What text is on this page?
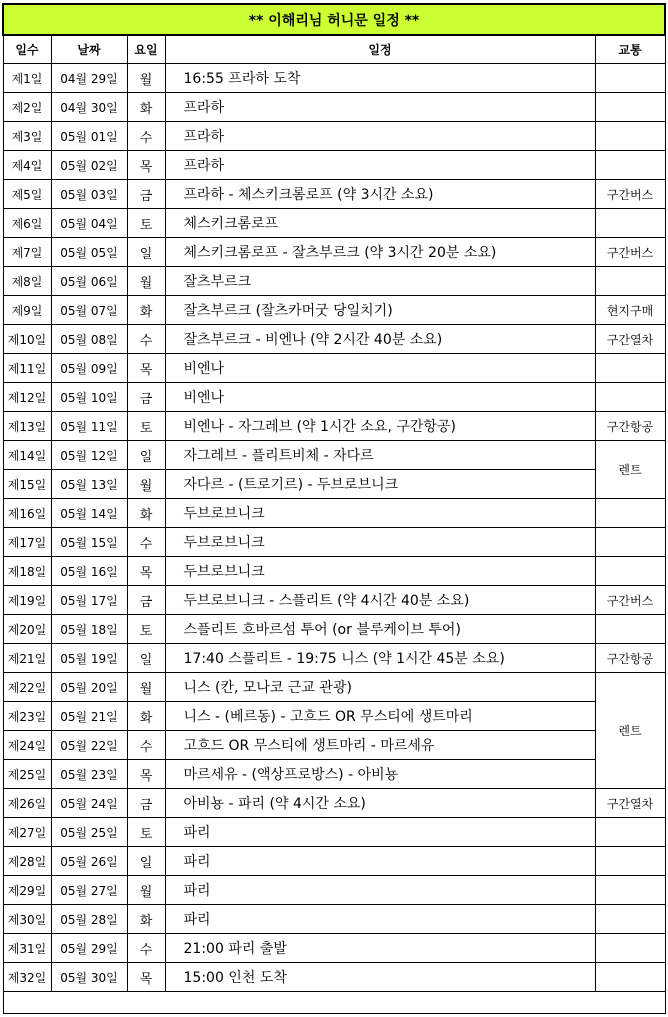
** 이해리님 허니문 일정 **				
일수	날짜	요일	일정	교통
제1일	04월 29일	월	16:55 프라하 도착	
제2일	04월 30일	화	프라하	
제3일	05월 01일	수	프라하	
제4일	05월 02일	목	프라하	
제5일	05월 03일	금	프라하 - 체스키크롬로프 (약 3시간 소요)	구간버스
제6일	05월 04일	토	체스키크롬로프	
제7일	05월 05일	일	체스키크롬로프 - 잘츠부르크 (약 3시간 20분 소요)	구간버스
제8일	05월 06일	월	잘츠부르크	
제9일	05월 07일	화	잘츠부르크 (잘츠카머굿 당일치기)	현지구매
제10일	05월 08일	수	잘츠부르크 - 비엔나 (약 2시간 40분 소요)	구간열차
제11일	05월 09일	목	비엔나	
제12일	05월 10일	금	비엔나	
제13일	05월 11일	토	비엔나 - 자그레브 (약 1시간 소요, 구간항공)	구간항공
제14일	05월 12일	일	자그레브 - 플리트비체 - 자다르	렌트
제15일	05월 13일	월	자다르 - (트로기르) - 두브로브니크	
제16일	05월 14일	화	두브로브니크	
제17일	05월 15일	수	두브로브니크	
제18일	05월 16일	목	두브로브니크	
제19일	05월 17일	금	두브로브니크 - 스플리트 (약 4시간 40분 소요)	구간버스
제20일	05월 18일	토	스플리트 흐바르섬 투어 (or 블루케이브 투어)	
제21일	05월 19일	일	17:40 스플리트 - 19:75 니스 (약 1시간 45분 소요)	구간항공
제22일	05월 20일	월	니스 (칸, 모나코 근교 관광)	렌트
제23일	05월 21일	화	니스 - (베르동) - 고흐드 OR 무스티에 생트마리	
제24일	05월 22일	수	고흐드 OR 무스티에 생트마리 - 마르세유	
제25일	05월 23일	목	마르세유 - (액상프로방스) - 아비뇽	
제26일	05월 24일	금	아비뇽 - 파리 (약 4시간 소요)	구간열차
제27일	05월 25일	토	파리	
제28일	05월 26일	일	파리	
제29일	05월 27일	월	파리	
제30일	05월 28일	화	파리	
제31일	05월 29일	수	21:00 파리 출발	
제32일	05월 30일	목	15:00 인천 도착	
